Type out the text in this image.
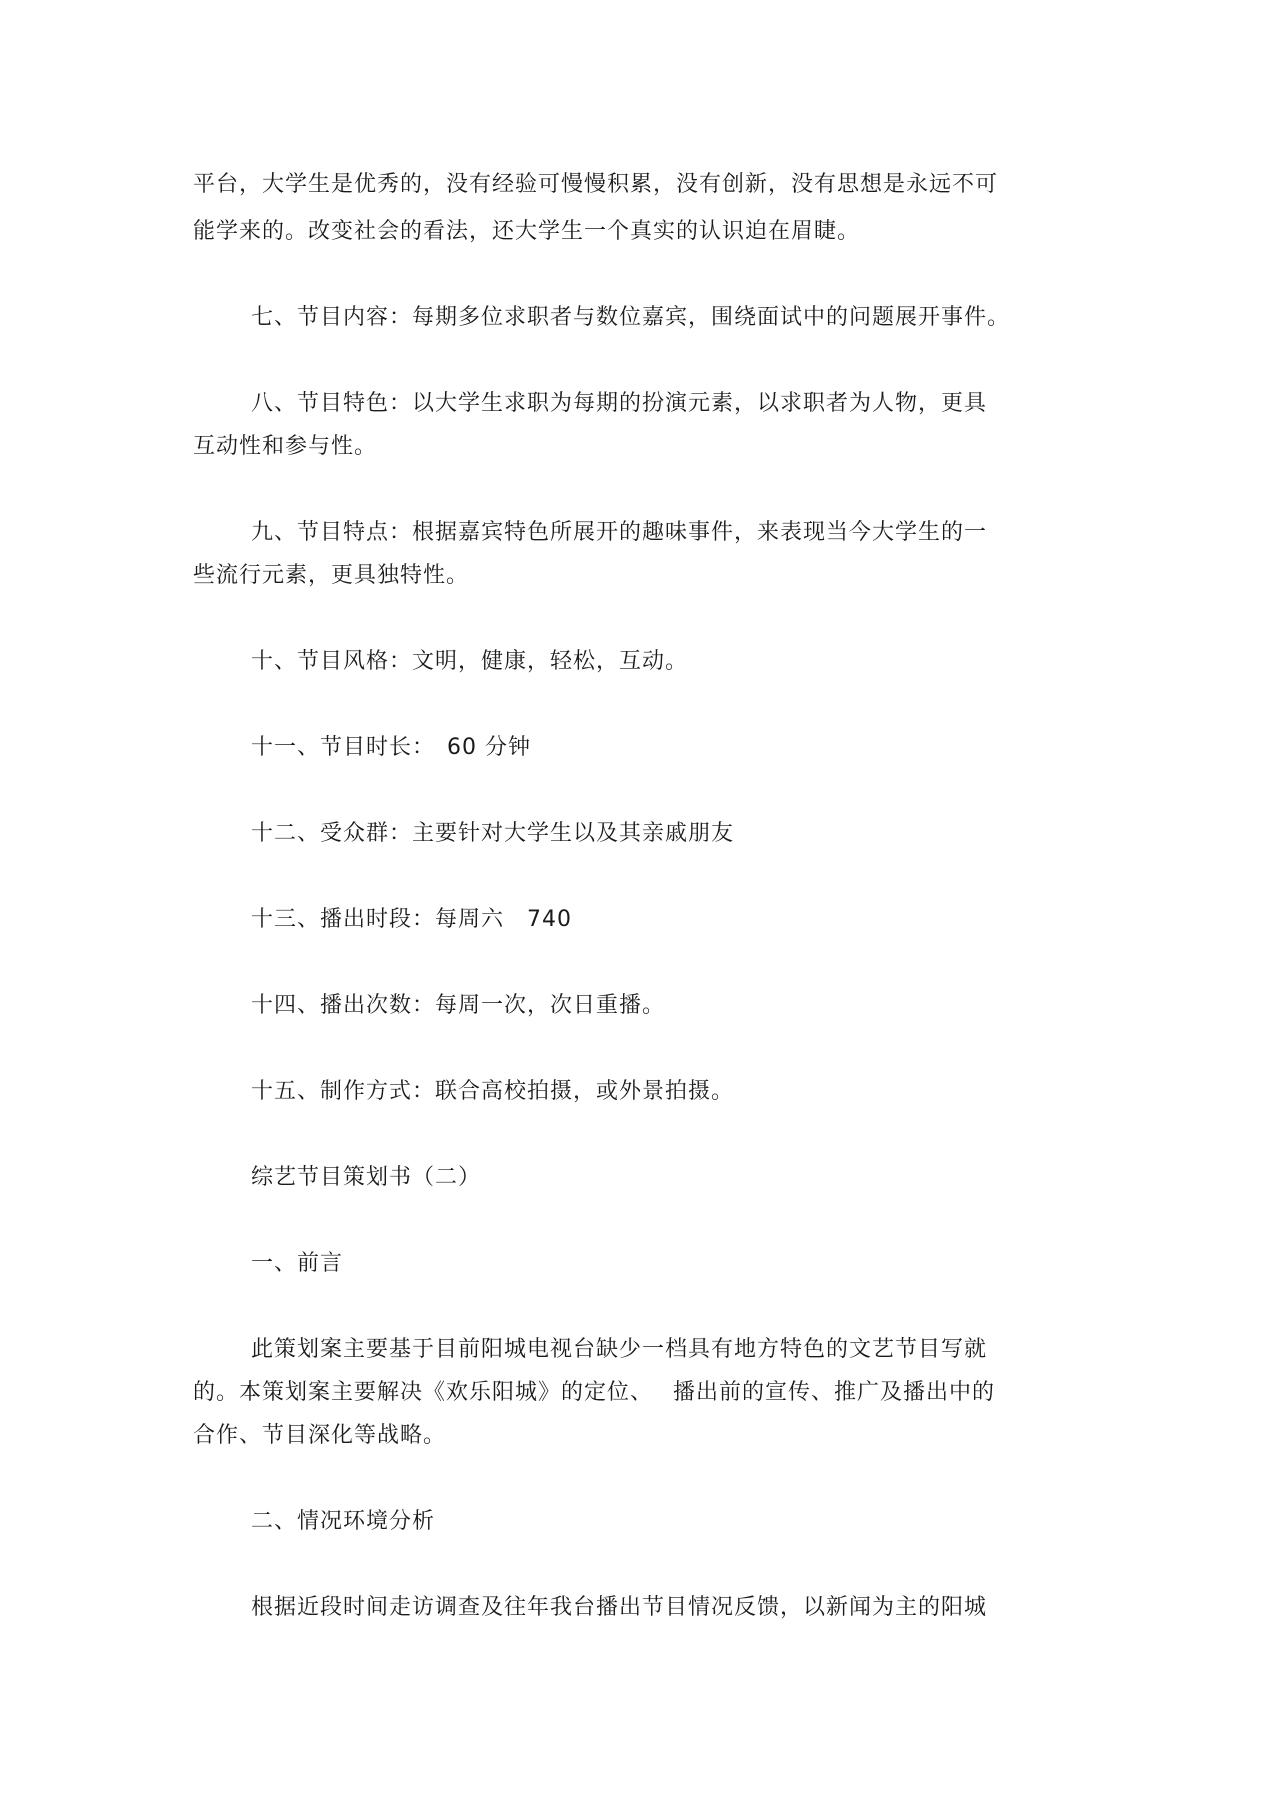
平台，大学生是优秀的，没有经验可慢慢积累，没有创新，没有思想是永远不可
能学来的。改变社会的看法，还大学生一个真实的认识迫在眉睫。
七、节目内容：每期多位求职者与数位嘉宾，围绕面试中的问题展开事件。
八、节目特色：以大学生求职为每期的扮演元素，以求职者为人物，更具
互动性和参与性。
九、节目特点：根据嘉宾特色所展开的趣味事件，来表现当今大学生的一
些流行元素，更具独特性。
十、节目风格：文明，健康，轻松，互动。
十一、节目时长：　60 分钟
十二、受众群：主要针对大学生以及其亲戚朋友
十三、播出时段：每周六　740
十四、播出次数：每周一次，次日重播。
十五、制作方式：联合高校拍摄，或外景拍摄。
综艺节目策划书（二）
一、前言
此策划案主要基于目前阳城电视台缺少一档具有地方特色的文艺节目写就
的。本策划案主要解决《欢乐阳城》的定位、　 播出前的宣传、推广及播出中的
合作、节目深化等战略。
二、情况环境分析
根据近段时间走访调查及往年我台播出节目情况反馈，以新闻为主的阳城
